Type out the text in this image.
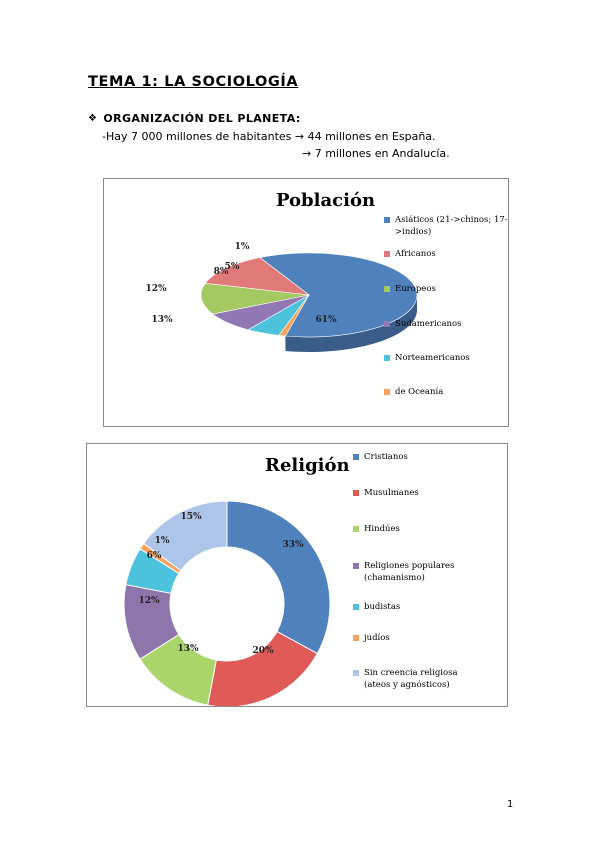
TEMA 1: LA SOCIOLOGÍA
❖ ORGANIZACIÓN DEL PLANETA:
-Hay 7 000 millones de habitantes → 44 millones en España.
→ 7 millones en Andalucía.
Población
61%
13%
12%
8%
5%
1%
Asiáticos (21->chinos; 17->indios)
Africanos
Europeos
Sudamericanos
Norteamericanos
de Oceanía
Religión
33%
20%
13%
12%
6%
1%
15%
Cristianos
Musulmanes
Hindúes
Religiones populares (chamanismo)
budistas
judíos
Sin creencia religiosa (ateos y agnósticos)
1
